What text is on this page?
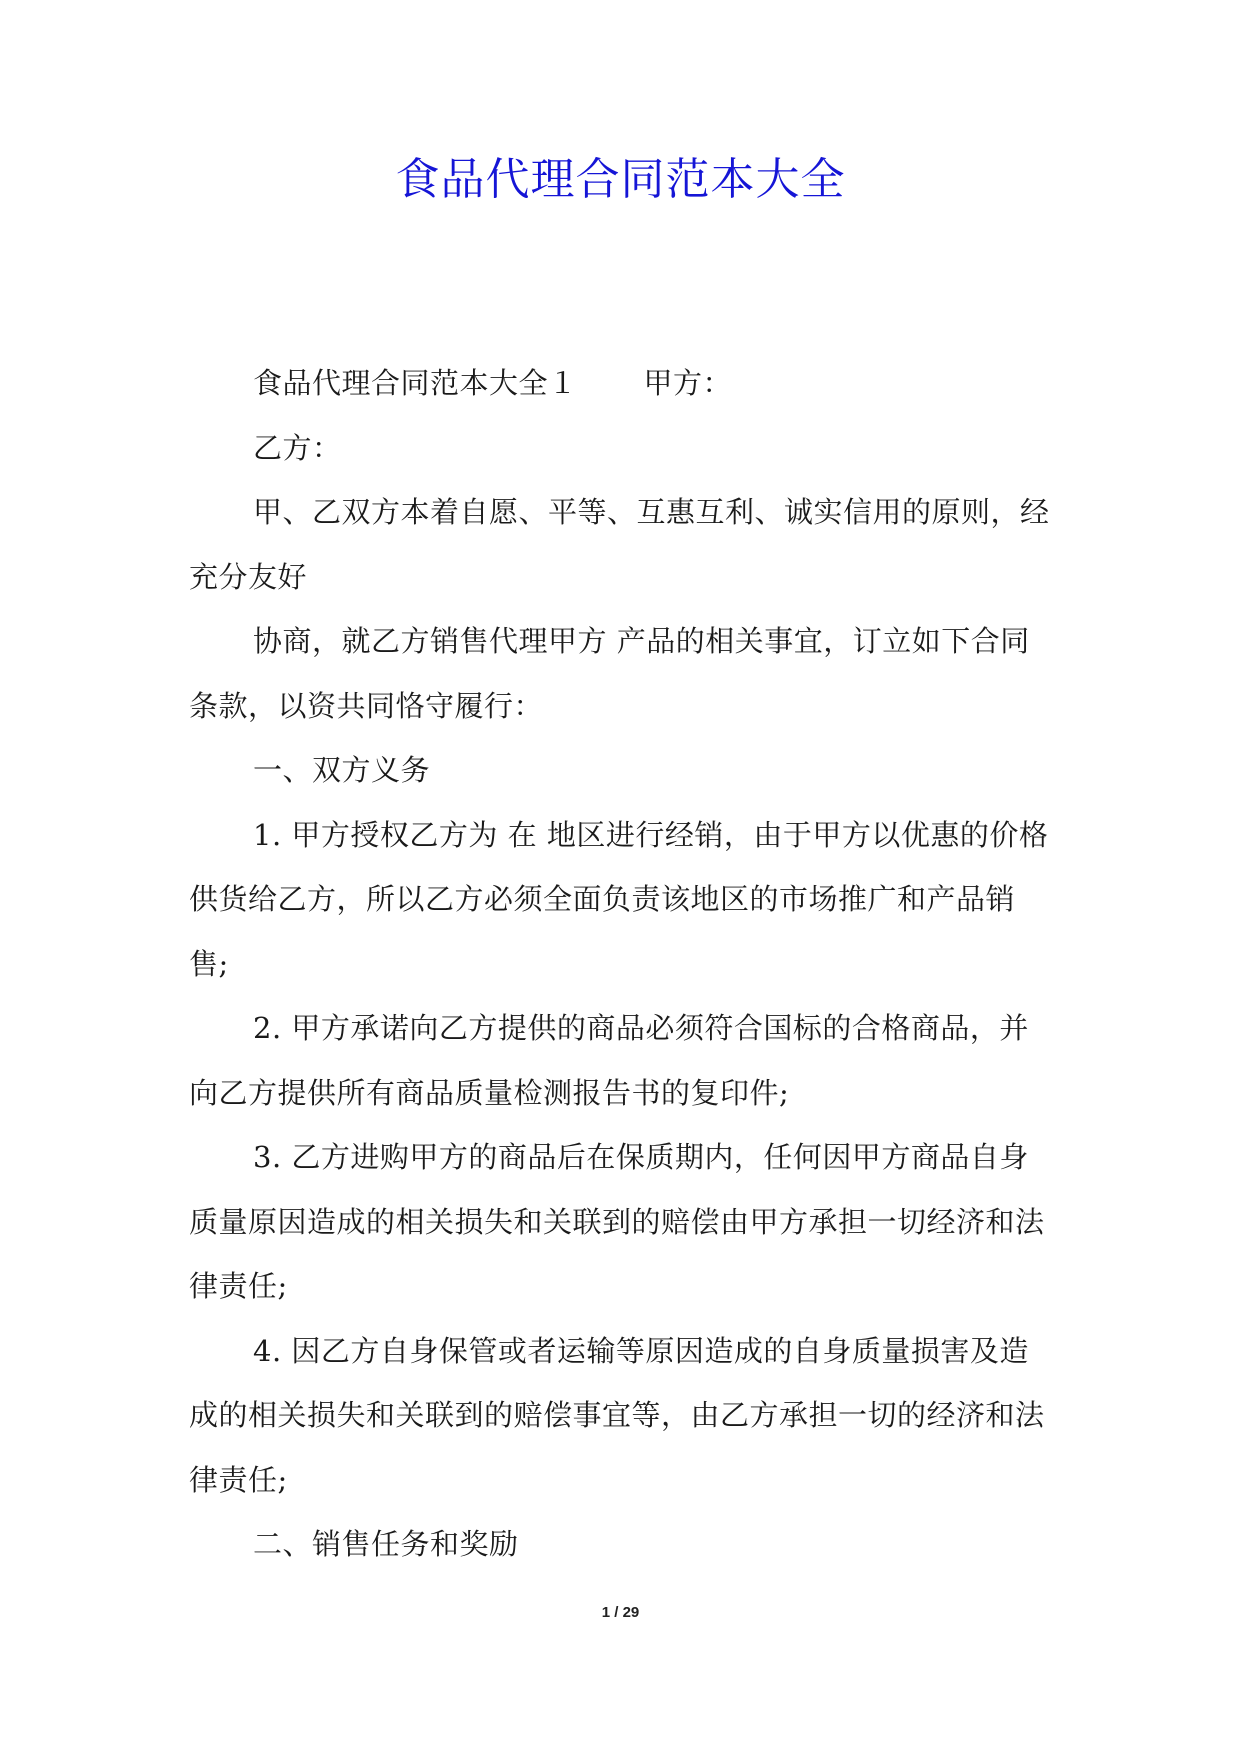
食品代理合同范本大全

食品代理合同范本大全１ 甲方：

乙方：

甲、乙双方本着自愿、平等、互惠互利、诚实信用的原则，经充分友好

协商，就乙方销售代理甲方 产品的相关事宜，订立如下合同条款，以资共同恪守履行：

一、双方义务

1. 甲方授权乙方为 在 地区进行经销，由于甲方以优惠的价格供货给乙方，所以乙方必须全面负责该地区的市场推广和产品销售;

2. 甲方承诺向乙方提供的商品必须符合国标的合格商品，并向乙方提供所有商品质量检测报告书的复印件;

3. 乙方进购甲方的商品后在保质期内，任何因甲方商品自身质量原因造成的相关损失和关联到的赔偿由甲方承担一切经济和法律责任;

4. 因乙方自身保管或者运输等原因造成的自身质量损害及造成的相关损失和关联到的赔偿事宜等，由乙方承担一切的经济和法律责任;

二、销售任务和奖励

1 / 29
